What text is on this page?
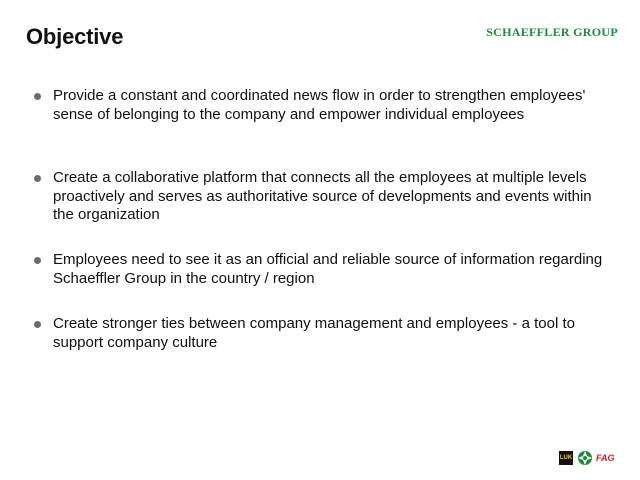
Objective	SCHAEFFLER GROUP
Provide a constant and coordinated news flow in order to strengthen employees' sense of belonging to the company and empower individual employees
Create a collaborative platform that connects all the employees at multiple levels proactively and serves as authoritative source of developments and events within the organization
Employees need to see it as an official and reliable source of information regarding Schaeffler Group in the country / region
Create stronger ties between company management and employees - a tool to support company culture
LUK	FAG
